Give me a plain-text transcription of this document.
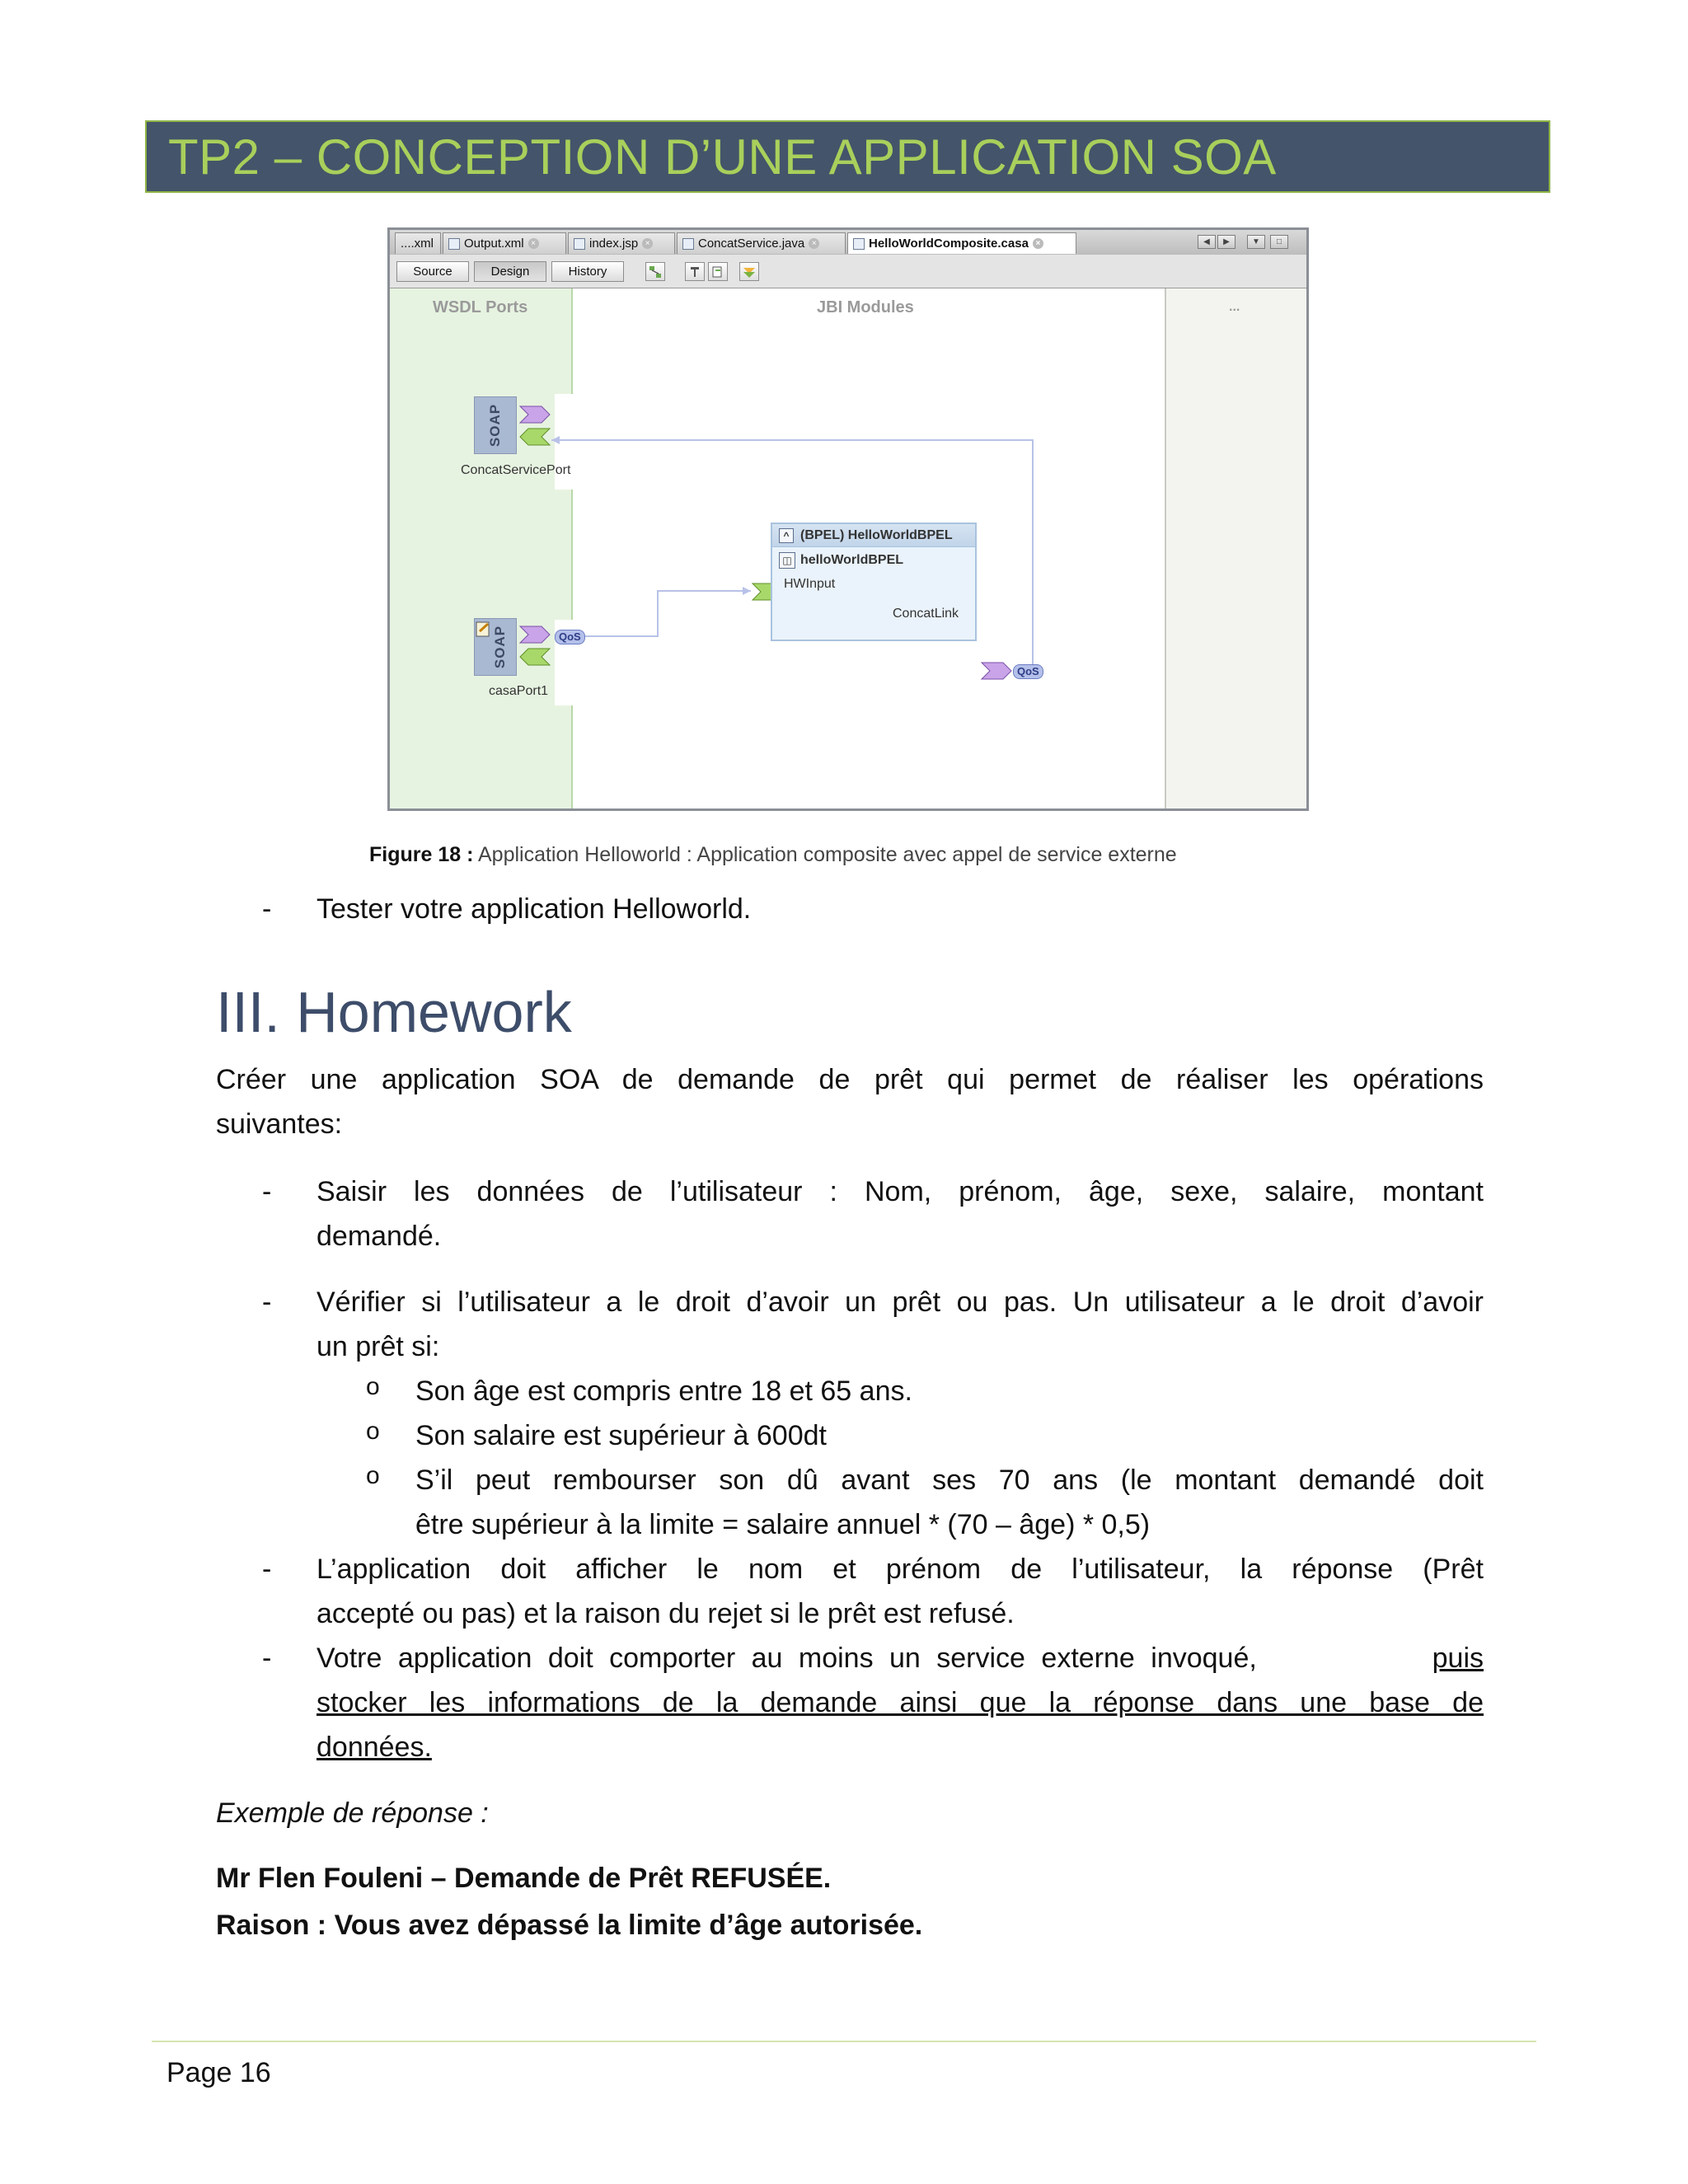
TP2 – CONCEPTION D’UNE APPLICATION SOA
....xml Output.xml ×	index.jsp ×	ConcatService.java ×	HelloWorldComposite.casa ×	◀	▶	▼	□
Source	Design	History
WSDL Ports	JBI Modules	...
SOAP
SOAP
ConcatServicePort
casaPort1
QoS
QoS
^ (BPEL) HelloWorldBPEL
◫ helloWorldBPEL
HWInput
ConcatLink
Figure 18 : Application Helloworld : Application composite avec appel de service externe
- Tester votre application Helloworld.
III. Homework
Créer une application SOA de demande de prêt qui permet de réaliser les opérations
suivantes:
- Saisir les données de l’utilisateur : Nom, prénom, âge, sexe, salaire, montant
demandé.
- Vérifier si l’utilisateur a le droit d’avoir un prêt ou pas. Un utilisateur a le droit d’avoir
un prêt si:
o Son âge est compris entre 18 et 65 ans.
o Son salaire est supérieur à 600dt
o S’il peut rembourser son dû avant ses 70 ans (le montant demandé doit
être supérieur à la limite = salaire annuel * (70 – âge) * 0,5)
- L’application doit afficher le nom et prénom de l’utilisateur, la réponse (Prêt
accepté ou pas) et la raison du rejet si le prêt est refusé.
- Votre application doit comporter au moins un service externe invoqué,	puis
stocker les informations de la demande ainsi que la réponse dans une base de
données.
Exemple de réponse :
Mr Flen Fouleni – Demande de Prêt REFUSÉE.
Raison : Vous avez dépassé la limite d’âge autorisée.
Page 16
